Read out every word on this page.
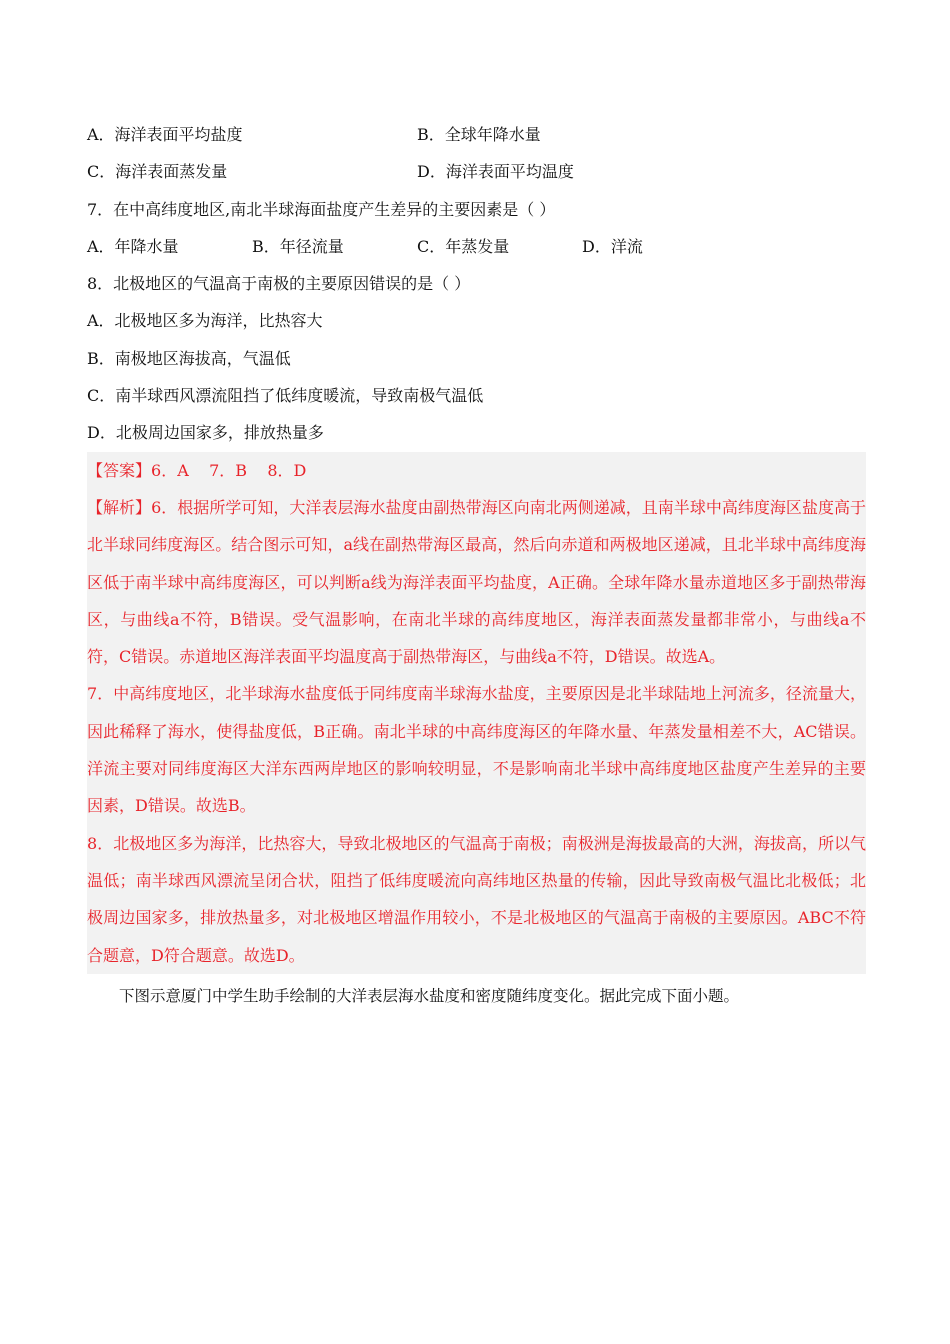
A．海洋表面平均盐度	B．全球年降水量
C．海洋表面蒸发量	D．海洋表面平均温度
7．在中高纬度地区,南北半球海面盐度产生差异的主要因素是（ ）
A．年降水量	B．年径流量	C．年蒸发量	D．洋流
8．北极地区的气温高于南极的主要原因错误的是（ ）
A．北极地区多为海洋，比热容大
B．南极地区海拔高，气温低
C．南半球西风漂流阻挡了低纬度暖流，导致南极气温低
D．北极周边国家多，排放热量多

【答案】6．A    7．B    8．D

【解析】6．根据所学可知，大洋表层海水盐度由副热带海区向南北两侧递减，且南半球中高纬度海区盐度高于北半球同纬度海区。结合图示可知，a线在副热带海区最高，然后向赤道和两极地区递减，且北半球中高纬度海区低于南半球中高纬度海区，可以判断a线为海洋表面平均盐度，A正确。全球年降水量赤道地区多于副热带海区，与曲线a不符，B错误。受气温影响，在南北半球的高纬度地区，海洋表面蒸发量都非常小，与曲线a不符，C错误。赤道地区海洋表面平均温度高于副热带海区，与曲线a不符，D错误。故选A。

7．中高纬度地区，北半球海水盐度低于同纬度南半球海水盐度，主要原因是北半球陆地上河流多，径流量大，因此稀释了海水，使得盐度低，B正确。南北半球的中高纬度海区的年降水量、年蒸发量相差不大，AC错误。洋流主要对同纬度海区大洋东西两岸地区的影响较明显，不是影响南北半球中高纬度地区盐度产生差异的主要因素，D错误。故选B。

8．北极地区多为海洋，比热容大，导致北极地区的气温高于南极；南极洲是海拔最高的大洲，海拔高，所以气温低；南半球西风漂流呈闭合状，阻挡了低纬度暖流向高纬地区热量的传输，因此导致南极气温比北极低；北极周边国家多，排放热量多，对北极地区增温作用较小，不是北极地区的气温高于南极的主要原因。ABC不符合题意，D符合题意。故选D。

下图示意厦门中学生助手绘制的大洋表层海水盐度和密度随纬度变化。据此完成下面小题。
